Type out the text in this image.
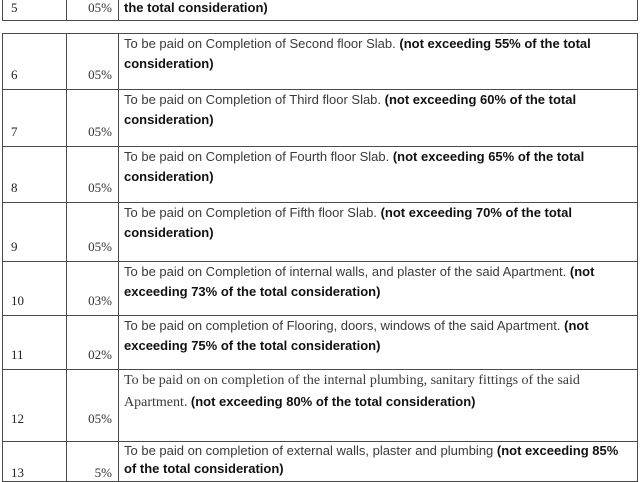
5	05%	the total consideration)
6	05%	To be paid on Completion of Second floor Slab. (not exceeding 55% of the total consideration)
7	05%	To be paid on Completion of Third floor Slab. (not exceeding 60% of the total consideration)
8	05%	To be paid on Completion of Fourth floor Slab. (not exceeding 65% of the total consideration)
9	05%	To be paid on Completion of Fifth floor Slab. (not exceeding 70% of the total consideration)
10	03%	To be paid on Completion of internal walls, and plaster of the said Apartment. (not exceeding 73% of the total consideration)
11	02%	To be paid on completion of Flooring, doors, windows of the said Apartment. (not exceeding 75% of the total consideration)
12	05%	To be paid on on completion of the internal plumbing, sanitary fittings of the said Apartment. (not exceeding 80% of the total consideration)
13	5%	To be paid on completion of external walls, plaster and plumbing (not exceeding 85% of the total consideration)
